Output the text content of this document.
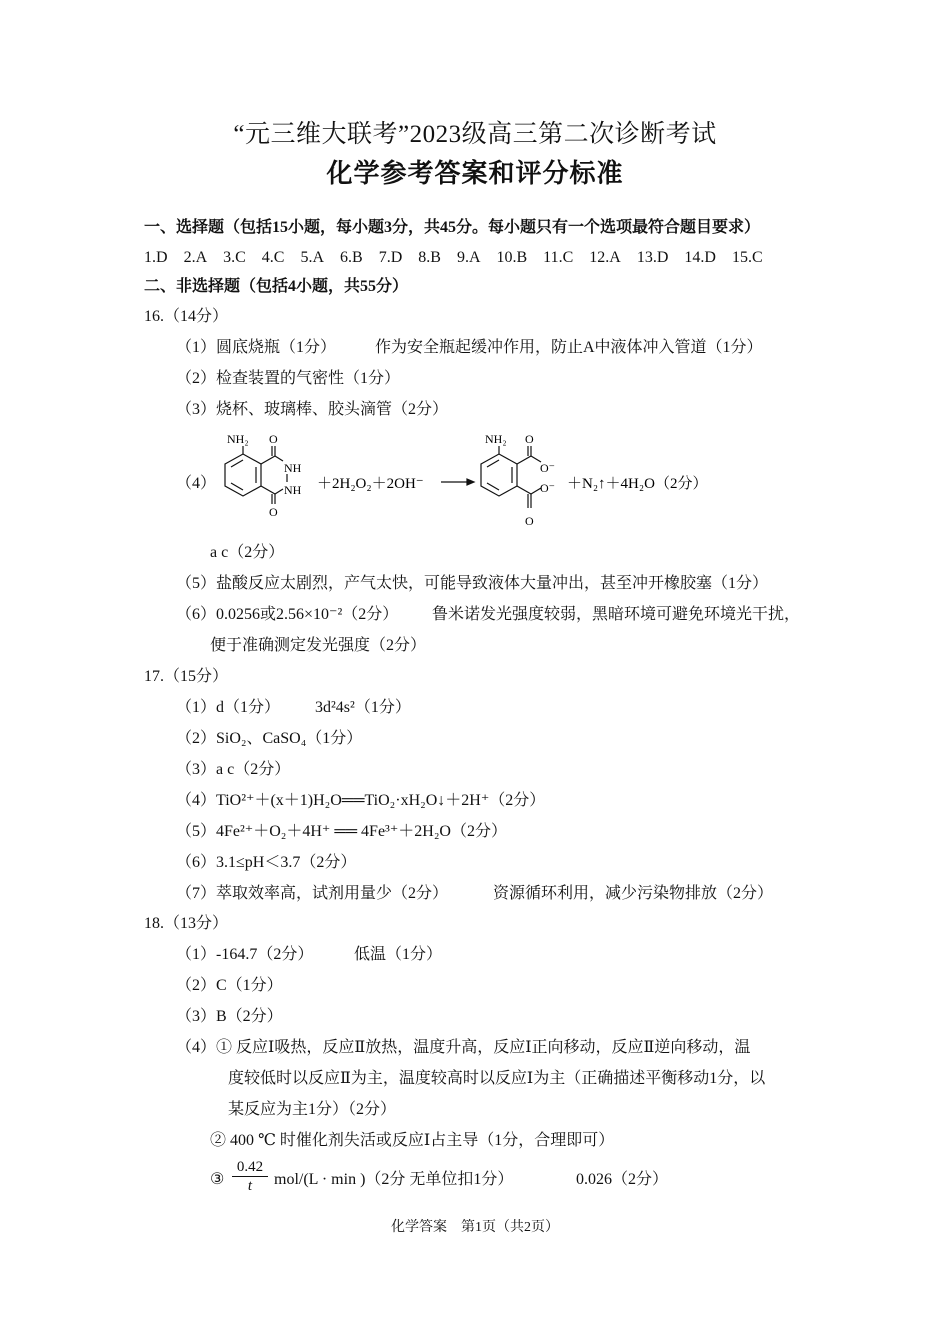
“元三维大联考”2023级高三第二次诊断考试
化学参考答案和评分标准
一、选择题（包括15小题，每小题3分，共45分。每小题只有一个选项最符合题目要求）
1.D 2.A 3.C 4.C 5.A 6.B 7.D 8.B 9.A 10.B 11.C 12.A 13.D 14.D 15.C
二、非选择题（包括4小题，共55分）
16.（14分）
（1）圆底烧瓶（1分） 作为安全瓶起缓冲作用，防止A中液体冲入管道（1分）
（2）检查装置的气密性（1分）
（3）烧杯、玻璃棒、胶头滴管（2分）
（4）
NH₂ O
NH
NH
O
＋2H₂O₂＋2OH⁻
NH₂ O
O⁻
O⁻
O
＋N₂↑＋4H₂O（2分）
a c（2分）
（5）盐酸反应太剧烈，产气太快，可能导致液体大量冲出，甚至冲开橡胶塞（1分）
（6）0.0256或2.56×10⁻²（2分） 鲁米诺发光强度较弱，黑暗环境可避免环境光干扰，
便于准确测定发光强度（2分）
17.（15分）
（1）d（1分） 3d²4s²（1分）
（2）SiO₂、CaSO₄（1分）
（3）a c（2分）
（4）TiO²⁺＋(x＋1)H₂O══TiO₂·xH₂O↓＋2H⁺（2分）
（5）4Fe²⁺＋O₂＋4H⁺ ══ 4Fe³⁺＋2H₂O（2分）
（6）3.1≤pH＜3.7（2分）
（7）萃取效率高，试剂用量少（2分）	资源循环利用，减少污染物排放（2分）
18.（13分）
（1）-164.7（2分）	低温（1分）
（2）C（1分）
（3）B（2分）
（4）① 反应Ⅰ吸热，反应Ⅱ放热，温度升高，反应Ⅰ正向移动，反应Ⅱ逆向移动，温
度较低时以反应Ⅱ为主，温度较高时以反应Ⅰ为主（正确描述平衡移动1分，以
某反应为主1分）（2分）
② 400 ℃ 时催化剂失活或反应Ⅰ占主导（1分，合理即可）
③ $\frac{0.42}{t} mol/(L \cdot \min )(2$分 无单位扣1分）	0.026（2分）
化学答案　第1页（共2页）
